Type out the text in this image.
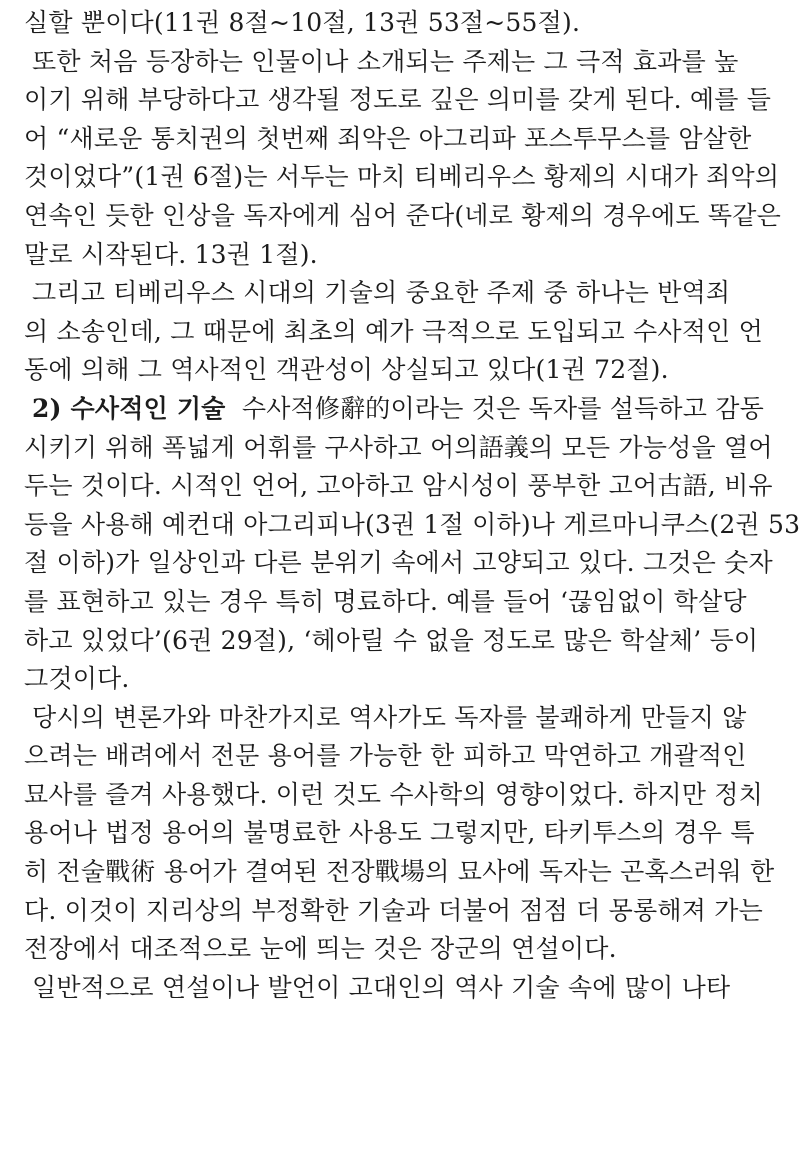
실할 뿐이다(11권 8절~10절, 13권 53절~55절).
또한 처음 등장하는 인물이나 소개되는 주제는 그 극적 효과를 높
이기 위해 부당하다고 생각될 정도로 깊은 의미를 갖게 된다. 예를 들
어 “새로운 통치권의 첫번째 죄악은 아그리파 포스투무스를 암살한
것이었다”(1권 6절)는 서두는 마치 티베리우스 황제의 시대가 죄악의
연속인 듯한 인상을 독자에게 심어 준다(네로 황제의 경우에도 똑같은
말로 시작된다. 13권 1절).
그리고 티베리우스 시대의 기술의 중요한 주제 중 하나는 반역죄
의 소송인데, 그 때문에 최초의 예가 극적으로 도입되고 수사적인 언
동에 의해 그 역사적인 객관성이 상실되고 있다(1권 72절).
2) 수사적인 기술 수사적修辭的이라는 것은 독자를 설득하고 감동
시키기 위해 폭넓게 어휘를 구사하고 어의語義의 모든 가능성을 열어
두는 것이다. 시적인 언어, 고아하고 암시성이 풍부한 고어古語, 비유
등을 사용해 예컨대 아그리피나(3권 1절 이하)나 게르마니쿠스(2권 53
절 이하)가 일상인과 다른 분위기 속에서 고양되고 있다. 그것은 숫자
를 표현하고 있는 경우 특히 명료하다. 예를 들어 ‘끊임없이 학살당
하고 있었다’(6권 29절), ‘헤아릴 수 없을 정도로 많은 학살체’ 등이
그것이다.
당시의 변론가와 마찬가지로 역사가도 독자를 불쾌하게 만들지 않
으려는 배려에서 전문 용어를 가능한 한 피하고 막연하고 개괄적인
묘사를 즐겨 사용했다. 이런 것도 수사학의 영향이었다. 하지만 정치
용어나 법정 용어의 불명료한 사용도 그렇지만, 타키투스의 경우 특
히 전술戰術 용어가 결여된 전장戰場의 묘사에 독자는 곤혹스러워 한
다. 이것이 지리상의 부정확한 기술과 더불어 점점 더 몽롱해져 가는
전장에서 대조적으로 눈에 띄는 것은 장군의 연설이다.
일반적으로 연설이나 발언이 고대인의 역사 기술 속에 많이 나타
